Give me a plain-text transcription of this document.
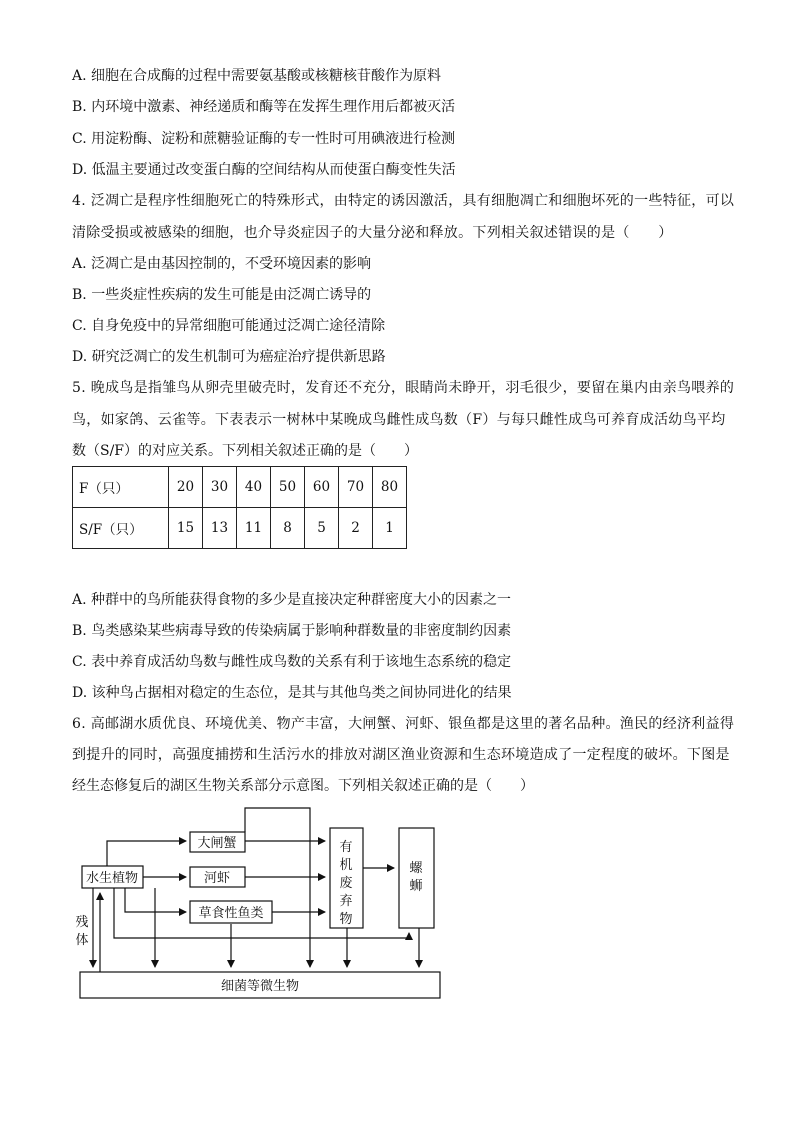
A. 细胞在合成酶的过程中需要氨基酸或核糖核苷酸作为原料
B. 内环境中激素、神经递质和酶等在发挥生理作用后都被灭活
C. 用淀粉酶、淀粉和蔗糖验证酶的专一性时可用碘液进行检测
D. 低温主要通过改变蛋白酶的空间结构从而使蛋白酶变性失活
4. 泛凋亡是程序性细胞死亡的特殊形式，由特定的诱因激活，具有细胞凋亡和细胞坏死的一些特征，可以
清除受损或被感染的细胞，也介导炎症因子的大量分泌和释放。下列相关叙述错误的是（　　）
A. 泛凋亡是由基因控制的，不受环境因素的影响
B. 一些炎症性疾病的发生可能是由泛凋亡诱导的
C. 自身免疫中的异常细胞可能通过泛凋亡途径清除
D. 研究泛凋亡的发生机制可为癌症治疗提供新思路
5. 晚成鸟是指雏鸟从卵壳里破壳时，发育还不充分，眼睛尚未睁开，羽毛很少，要留在巢内由亲鸟喂养的
鸟，如家鸽、云雀等。下表表示一树林中某晚成鸟雌性成鸟数（F）与每只雌性成鸟可养育成活幼鸟平均
数（S/F）的对应关系。下列相关叙述正确的是（　　）
F（只）	20	30	40	50	60	70	80
S/F（只）	15	13	11	8	5	2	1
A. 种群中的鸟所能获得食物的多少是直接决定种群密度大小的因素之一
B. 鸟类感染某些病毒导致的传染病属于影响种群数量的非密度制约因素
C. 表中养育成活幼鸟数与雌性成鸟数的关系有利于该地生态系统的稳定
D. 该种鸟占据相对稳定的生态位，是其与其他鸟类之间协同进化的结果
6. 高邮湖水质优良、环境优美、物产丰富，大闸蟹、河虾、银鱼都是这里的著名品种。渔民的经济利益得
到提升的同时，高强度捕捞和生活污水的排放对湖区渔业资源和生态环境造成了一定程度的破坏。下图是
经生态修复后的湖区生物关系部分示意图。下列相关叙述正确的是（　　）
水生植物
大闸蟹
河虾
草食性鱼类
有
机
废
弃
物
螺
蛳
残
体
细菌等微生物
